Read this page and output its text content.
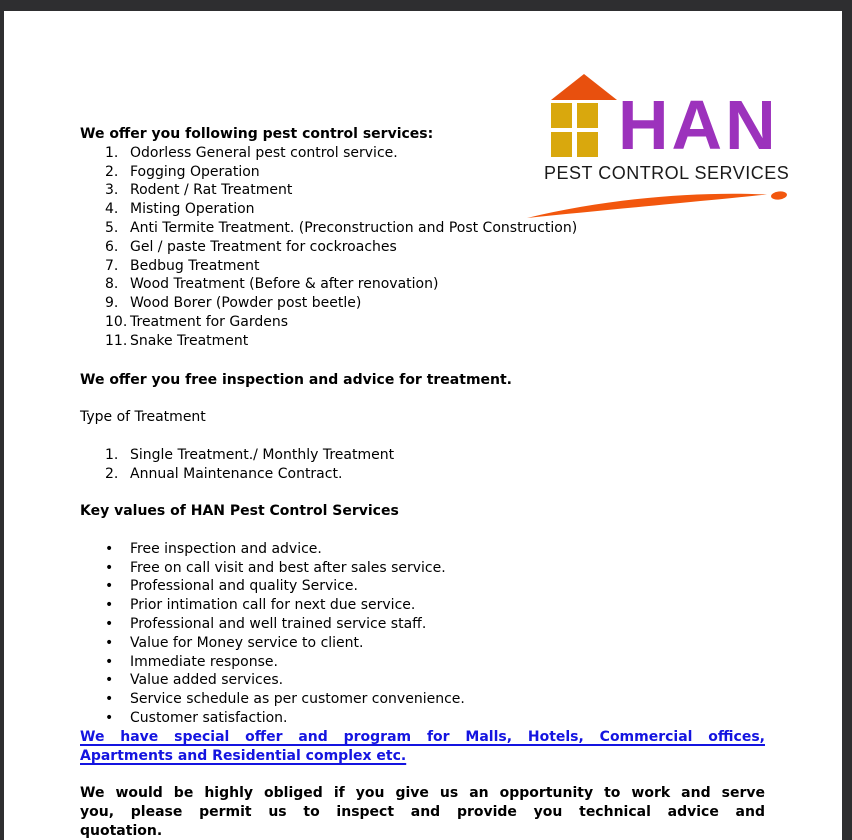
HAN
PEST CONTROL SERVICES
We offer you following pest control services:
1. Odorless General pest control service.
2. Fogging Operation
3. Rodent / Rat Treatment
4. Misting Operation
5. Anti Termite Treatment. (Preconstruction and Post Construction)
6. Gel / paste Treatment for cockroaches
7. Bedbug Treatment
8. Wood Treatment (Before & after renovation)
9. Wood Borer (Powder post beetle)
10. Treatment for Gardens
11. Snake Treatment
We offer you free inspection and advice for treatment.
Type of Treatment
1. Single Treatment./ Monthly Treatment
2. Annual Maintenance Contract.
Key values of HAN Pest Control Services
•	Free inspection and advice.
•	Free on call visit and best after sales service.
•	Professional and quality Service.
•	Prior intimation call for next due service.
•	Professional and well trained service staff.
•	Value for Money service to client.
•	Immediate response.
•	Value added services.
•	Service schedule as per customer convenience.
•	Customer satisfaction.
We have special offer and program for Malls, Hotels, Commercial offices,
Apartments and Residential complex etc.
We would be highly obliged if you give us an opportunity to work and serve
you, please permit us to inspect and provide you technical advice and
quotation.
